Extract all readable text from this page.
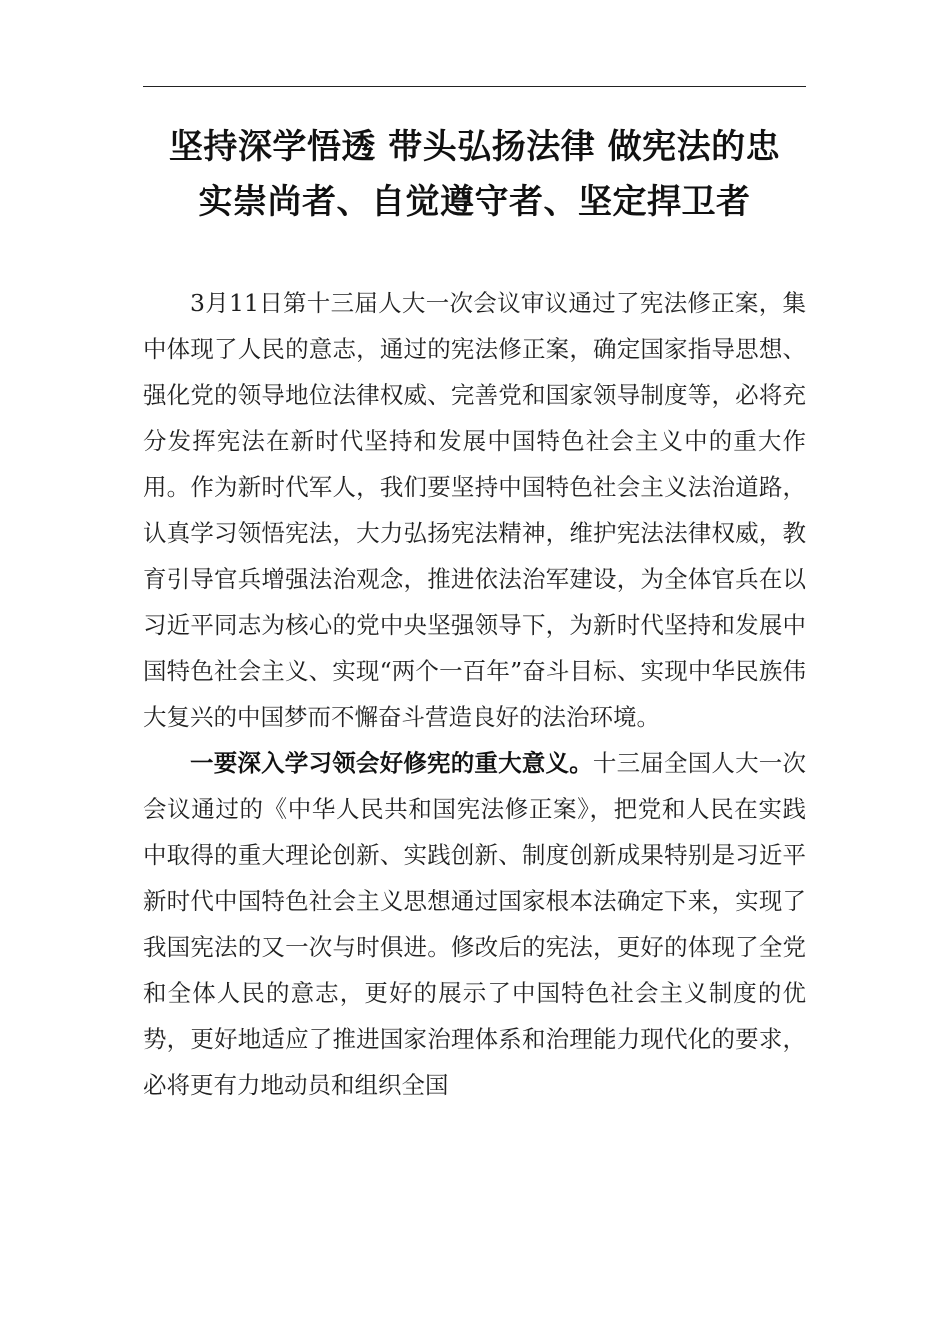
坚持深学悟透 带头弘扬法律 做宪法的忠
实崇尚者、自觉遵守者、坚定捍卫者

3月11日第十三届人大一次会议审议通过了宪法修正案，集中体现了人民的意志，通过的宪法修正案，确定国家指导思想、强化党的领导地位法律权威、完善党和国家领导制度等，必将充分发挥宪法在新时代坚持和发展中国特色社会主义中的重大作用。作为新时代军人，我们要坚持中国特色社会主义法治道路，认真学习领悟宪法，大力弘扬宪法精神，维护宪法法律权威，教育引导官兵增强法治观念，推进依法治军建设，为全体官兵在以习近平同志为核心的党中央坚强领导下，为新时代坚持和发展中国特色社会主义、实现“两个一百年”奋斗目标、实现中华民族伟大复兴的中国梦而不懈奋斗营造良好的法治环境。

一要深入学习领会好修宪的重大意义。十三届全国人大一次会议通过的《中华人民共和国宪法修正案》，把党和人民在实践中取得的重大理论创新、实践创新、制度创新成果特别是习近平新时代中国特色社会主义思想通过国家根本法确定下来，实现了我国宪法的又一次与时俱进。修改后的宪法，更好的体现了全党和全体人民的意志，更好的展示了中国特色社会主义制度的优势，更好地适应了推进国家治理体系和治理能力现代化的要求，必将更有力地动员和组织全国
